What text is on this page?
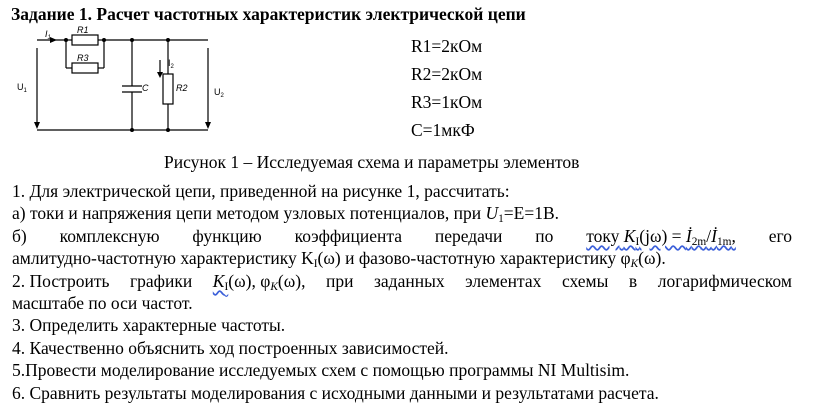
Задание 1. Расчет частотных характеристик электрической цепи
$I_1$
R1
R3
C	R2
$I_2$
$U_1$	$U_2$
R1=2кОм
R2=2кОм
R3=1кОм
С=1мкФ
Рисунок 1 – Исследуемая схема и параметры элементов
1. Для электрической цепи, приведенной на рисунке 1, рассчитать:
а) токи и напряжения цепи методом узловых потенциалов, при $U_1=E=1B$.
б) комплексную функцию коэффициента передачи по току $K_I(j\omega)$ = $İ_{2m}/İ_{1m}$, его
амлитудно-частотную характеристику $K_I(\omega)$ и фазово-частотную характеристику $\varphi_K(\omega)$.
2. Построить графики $K_I(\omega)$, $\varphi_K(\omega)$, при заданных элементах схемы в логарифмическом
масштабе по оси частот.
3. Определить характерные частоты.
4. Качественно объяснить ход построенных зависимостей.
5.Провести моделирование исследуемых схем с помощью программы NI Multisim.
6. Сравнить результаты моделирования с исходными данными и результатами расчета.
